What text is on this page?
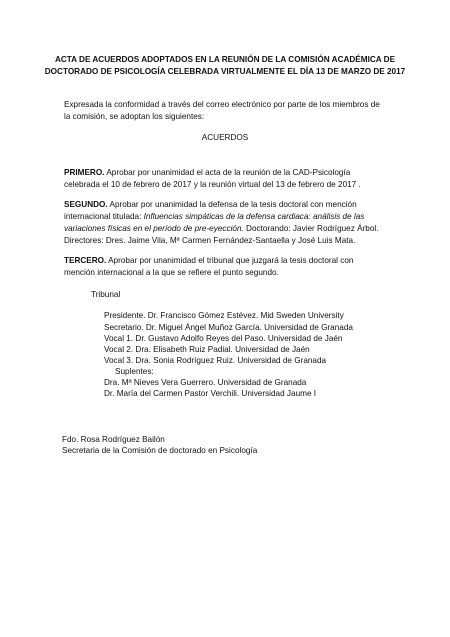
ACTA DE ACUERDOS ADOPTADOS EN LA REUNIÓN DE LA COMISIÓN ACADÉMICA DE DOCTORADO DE PSICOLOGÍA CELEBRADA VIRTUALMENTE EL DÍA 13 DE MARZO DE 2017
Expresada la conformidad a través del correo electrónico por parte de los miembros de
la comisión, se adoptan los siguientes:
ACUERDOS
PRIMERO. Aprobar por unanimidad el acta de la reunión de la CAD-Psicología
celebrada el 10 de febrero de 2017 y la reunión virtual del 13 de febrero de 2017 .
SEGUNDO. Aprobar por unanimidad la defensa de la tesis doctoral con mención
internacional titulada: Influencias simpáticas de la defensa cardiaca: análisis de las
variaciones físicas en el período de pre-eyección. Doctorando: Javier Rodríguez Árbol.
Directores: Dres. Jaime Vila, Mª Carmen Fernández-Santaella y José Luis Mata.
TERCERO. Aprobar por unanimidad el tribunal que juzgará la tesis doctoral con
mención internacional a la que se refiere el punto segundo.
Tribunal
Presidente. Dr. Francisco Gómez Estévez. Mid Sweden University
Secretario. Dr. Miguel Ángel Muñoz García. Universidad de Granada
Vocal 1. Dr. Gustavo Adolfo Reyes del Paso. Universidad de Jaén
Vocal 2. Dra. Elisabeth Ruiz Padial. Universidad de Jaén
Vocal 3. Dra. Sonia Rodríguez Ruiz. Universidad de Granada
Suplentes:
Dra. Mª Nieves Vera Guerrero. Universidad de Granada
Dr. María del Carmen Pastor Verchili. Universidad Jaume I
Fdo. Rosa Rodríguez Bailón
Secretaria de la Comisión de doctorado en Psicología
